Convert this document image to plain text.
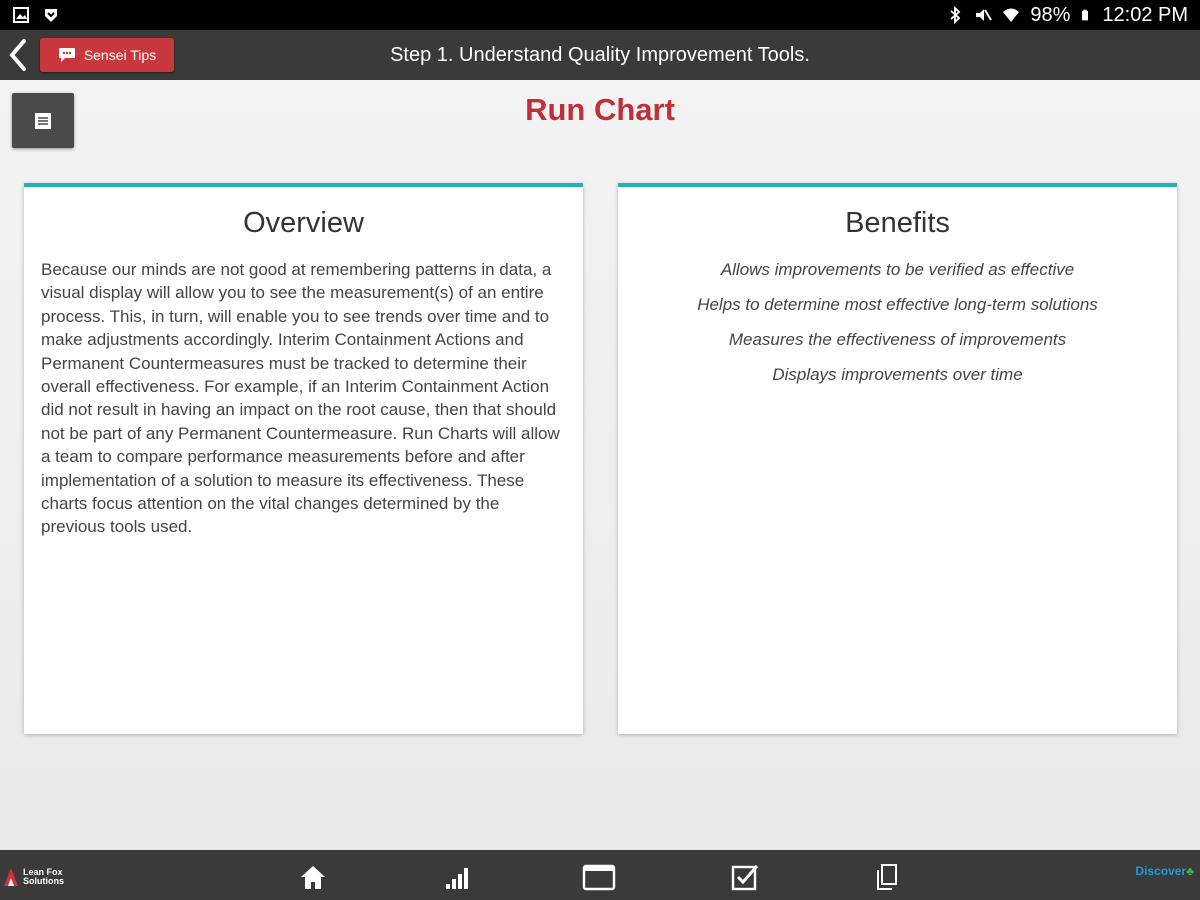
98% 12:02 PM
Sensei Tips	Step 1. Understand Quality Improvement Tools.
Run Chart
Overview

Because our minds are not good at remembering patterns in data, a visual display will allow you to see the measurement(s) of an entire process. This, in turn, will enable you to see trends over time and to make adjustments accordingly. Interim Containment Actions and Permanent Countermeasures must be tracked to determine their overall effectiveness. For example, if an Interim Containment Action did not result in having an impact on the root cause, then that should not be part of any Permanent Countermeasure. Run Charts will allow a team to compare performance measurements before and after implementation of a solution to measure its effectiveness. These charts focus attention on the vital changes determined by the previous tools used.

Benefits
Allows improvements to be verified as effective
Helps to determine most effective long-term solutions
Measures the effectiveness of improvements
Displays improvements over time
Lean Fox
Solutions
Discover♣
